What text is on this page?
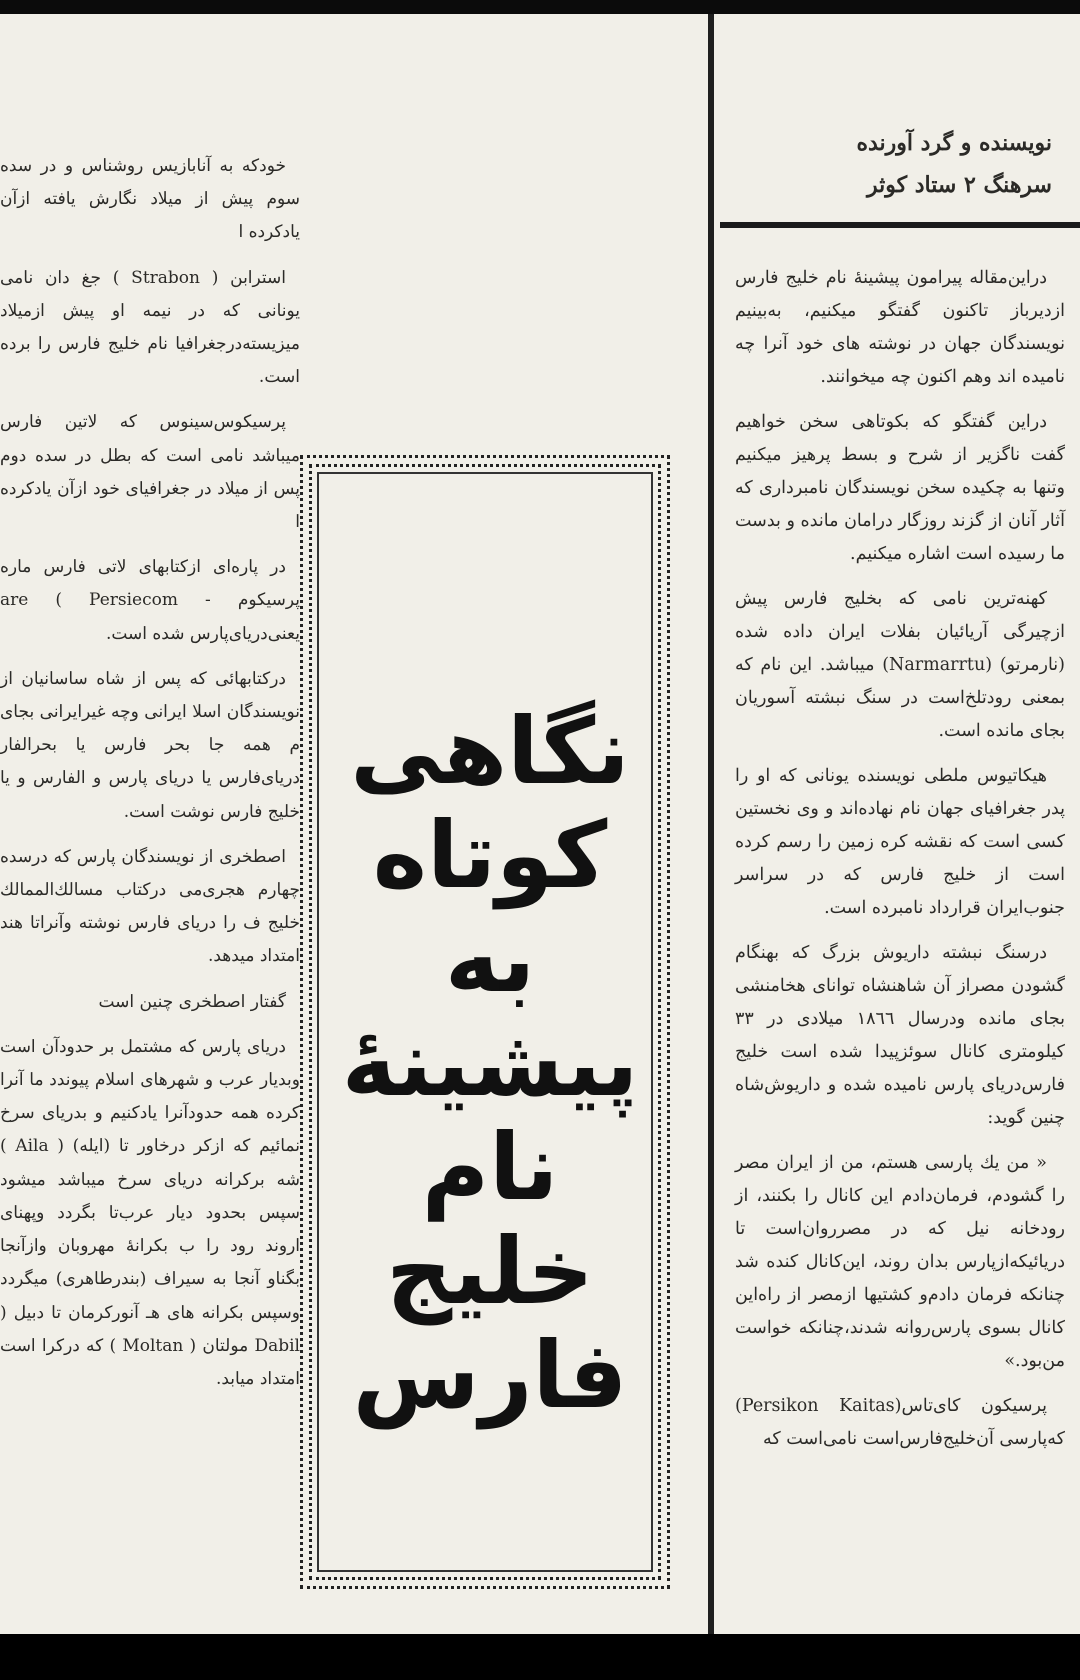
خودکه به آناباز‌یس روشناس و در سده سوم پیش از میلاد نگارش یافته ازآن یادکرده ا

استرابن ( Strabon ) جغ دان نامی یونانی که در نیمه او پیش ازمیلاد میزیسته‌درجغرافیا نام خلیج فارس را برده است.

پرسیکوس‌سینوس که لاتین فارس میباشد نامی است که بطل در سده دوم پس از میلاد در جغرافیای خود ازآن یادکرده ا

در پاره‌ای ازکتابهای لاتی فارس ماره پرسیکوم - are ( Persiecom یعنی‌دریای‌پارس شده است.

درکتابهائی که پس از شاه ساسانیان از نویسندگان اسلا ایرانی وچه غیرایرانی بجای م همه جا بحر فارس یا بحرالفار دریای‌فارس یا دریای پارس و الفارس و یا خلیج فارس نوشت است.

اصطخری از نویسندگان پارس که درسده چهارم هجری‌می درکتاب مسالك‌الممالك خلیج ف را دریای فارس نوشته وآنراتا هند امتداد میدهد.

گفتار اصطخری چنین است

دریای پارس که مشتمل بر حدودآن است وبدیار عرب و شهرهای اسلام پیوندد ما آنرا کرده همه حدودآنرا یادکنیم و بدریای سرخ نمائیم که ازکر درخاور تا (ایله) ( Aila ) شه برکرانه دریای سرخ میباشد میشود سپس بحدود دیار عرب‌تا بگردد وپهنای اروند رود را ب بکرانهٔ مهروبان وازآنجا بگناو آنجا به سیراف (بندرطاهری) میگردد وسپس بکرانه های هـ آنورکرمان تا دبیل ( Dabil مولتان ( Moltan ) که درکرا است امتداد میابد.

نگاهی
کوتاه
به
پیشینهٔ
نام
خلیج
فارس
نویسنده و گرد آورنده
سرهنگ ۲ ستاد کوثر

دراین‌مقاله پیرامون پیشینهٔ نام خلیج فارس ازدیرباز تاکنون گفتگو میکنیم، به‌بینیم نویسندگان جهان در نوشته های خود آنرا چه نامیده اند وهم اکنون چه میخوانند.

دراین گفتگو که بکوتاهی سخن خواهیم گفت ناگزیر از شرح و بسط پرهیز میکنیم وتنها به چکیده سخن نویسندگان نامبرداری که آثار آنان از گزند روزگار درامان مانده و بدست ما رسیده است اشاره میکنیم.

کهنه‌ترین نامی که بخلیج فارس پیش ازچیرگی آریائیان بفلات ایران داده شده (نارمرتو) (Narmarrtu) میباشد. این نام که بمعنی رودتلخ‌است در سنگ نبشته آسوریان بجای مانده است.

هیکاتیوس ملطی نویسنده یونانی که او را پدر جغرافیای جهان نام نهاده‌اند و وی نخستین کسی است که نقشه کره زمین را رسم کرده است از خلیج فارس که در سراسر جنوب‌ایران قرارداد نامبرده است.

درسنگ نبشته داریوش بزرگ که بهنگام گشودن مصراز آن شاهنشاه توانای هخامنشی بجای مانده ودرسال ۱۸٦٦ میلادی در ۳۳ کیلومتری کانال سوئزپیدا شده است خلیج فارس‌دریای پارس نامیده شده و داریوش‌شاه چنین گوید:

« من یك پارسی هستم، من از ایران مصر را گشودم، فرمان‌دادم این کانال را بکنند، از رودخانه نیل که در مصرروان‌است تا دریائیکه‌ازپارس بدان روند، این‌کانال کنده شد چنانکه فرمان دادم‌و کشتیها ازمصر از راه‌این کانال بسوی پارس‌روانه شدند،چنانکه خواست من‌بود.»

پرسیکون کای‌تاس(Persikon Kaitas) که‌پارسی آن‌خلیج‌فارس‌است نامی‌است که
